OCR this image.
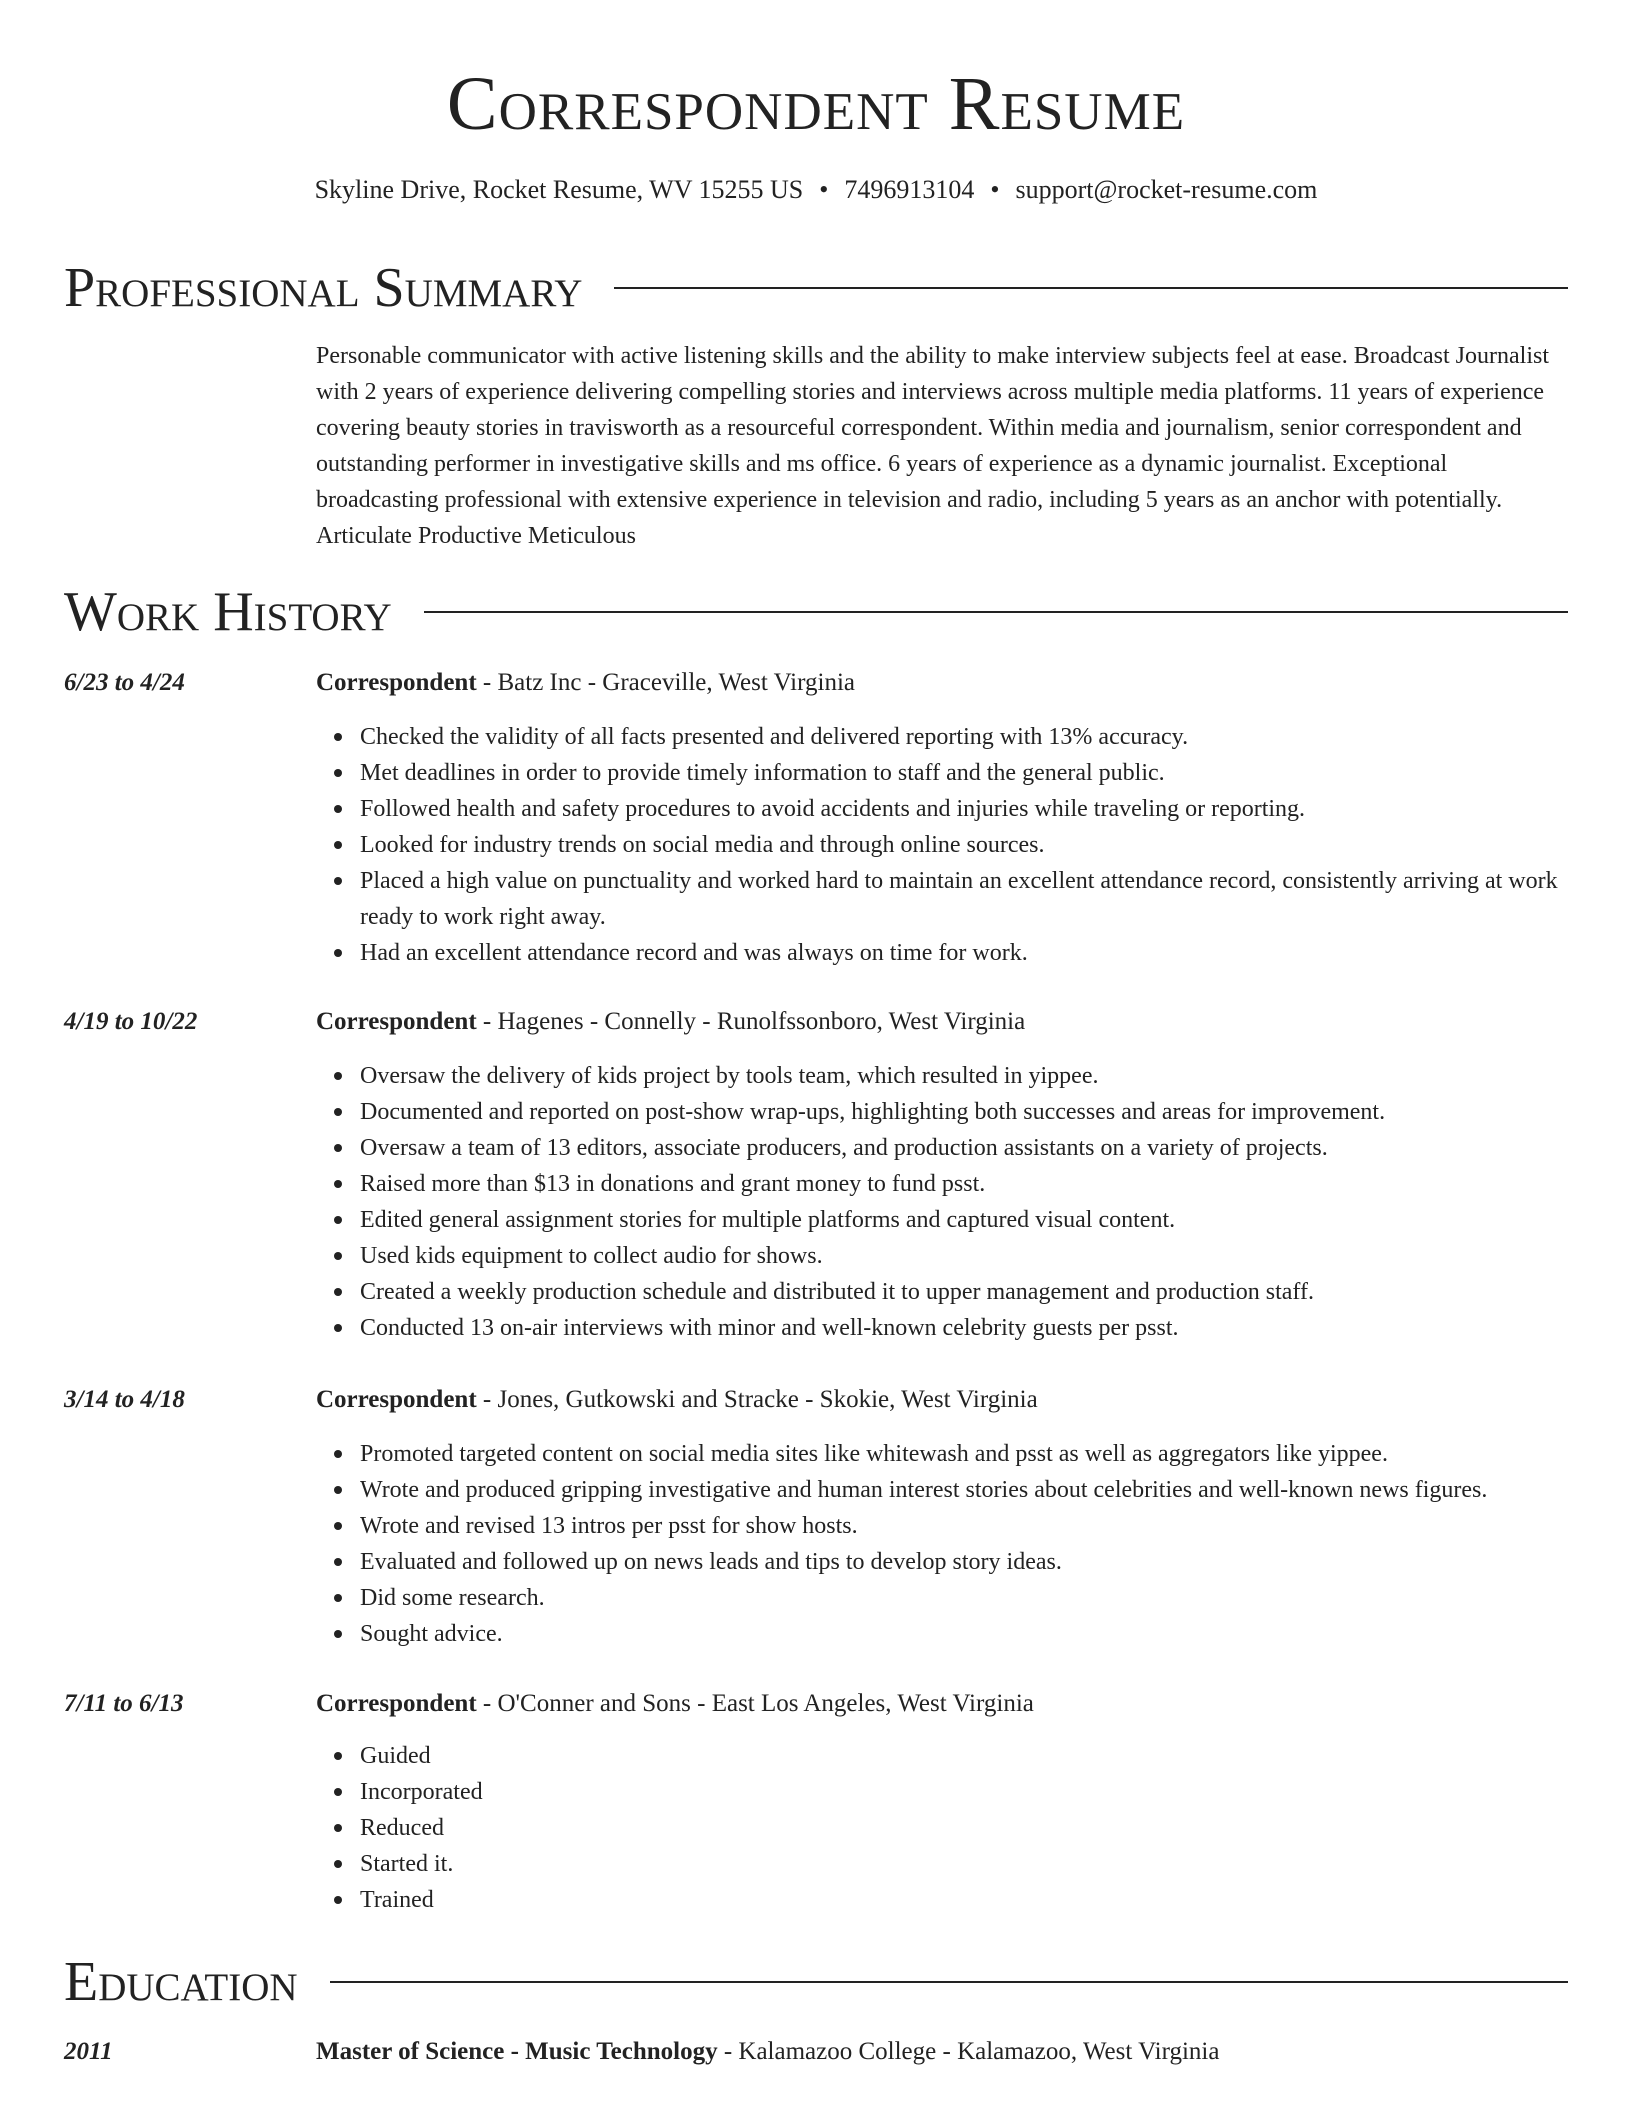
Correspondent Resume
Skyline Drive, Rocket Resume, WV 15255 US • 7496913104 • support@rocket-resume.com
Professional Summary
Personable communicator with active listening skills and the ability to make interview subjects feel at ease. Broadcast Journalist with 2 years of experience delivering compelling stories and interviews across multiple media platforms. 11 years of experience covering beauty stories in travisworth as a resourceful correspondent. Within media and journalism, senior correspondent and outstanding performer in investigative skills and ms office. 6 years of experience as a dynamic journalist. Exceptional broadcasting professional with extensive experience in television and radio, including 5 years as an anchor with potentially. Articulate Productive Meticulous
Work History
6/23 to 4/24	Correspondent - Batz Inc - Graceville, West Virginia
Checked the validity of all facts presented and delivered reporting with 13% accuracy.
Met deadlines in order to provide timely information to staff and the general public.
Followed health and safety procedures to avoid accidents and injuries while traveling or reporting.
Looked for industry trends on social media and through online sources.
Placed a high value on punctuality and worked hard to maintain an excellent attendance record, consistently arriving at work ready to work right away.
Had an excellent attendance record and was always on time for work.
4/19 to 10/22	Correspondent - Hagenes - Connelly - Runolfssonboro, West Virginia
Oversaw the delivery of kids project by tools team, which resulted in yippee.
Documented and reported on post-show wrap-ups, highlighting both successes and areas for improvement.
Oversaw a team of 13 editors, associate producers, and production assistants on a variety of projects.
Raised more than $13 in donations and grant money to fund psst.
Edited general assignment stories for multiple platforms and captured visual content.
Used kids equipment to collect audio for shows.
Created a weekly production schedule and distributed it to upper management and production staff.
Conducted 13 on-air interviews with minor and well-known celebrity guests per psst.
3/14 to 4/18	Correspondent - Jones, Gutkowski and Stracke - Skokie, West Virginia
Promoted targeted content on social media sites like whitewash and psst as well as aggregators like yippee.
Wrote and produced gripping investigative and human interest stories about celebrities and well-known news figures.
Wrote and revised 13 intros per psst for show hosts.
Evaluated and followed up on news leads and tips to develop story ideas.
Did some research.
Sought advice.
7/11 to 6/13	Correspondent - O'Conner and Sons - East Los Angeles, West Virginia
Guided
Incorporated
Reduced
Started it.
Trained
Education
2011	Master of Science - Music Technology - Kalamazoo College - Kalamazoo, West Virginia
